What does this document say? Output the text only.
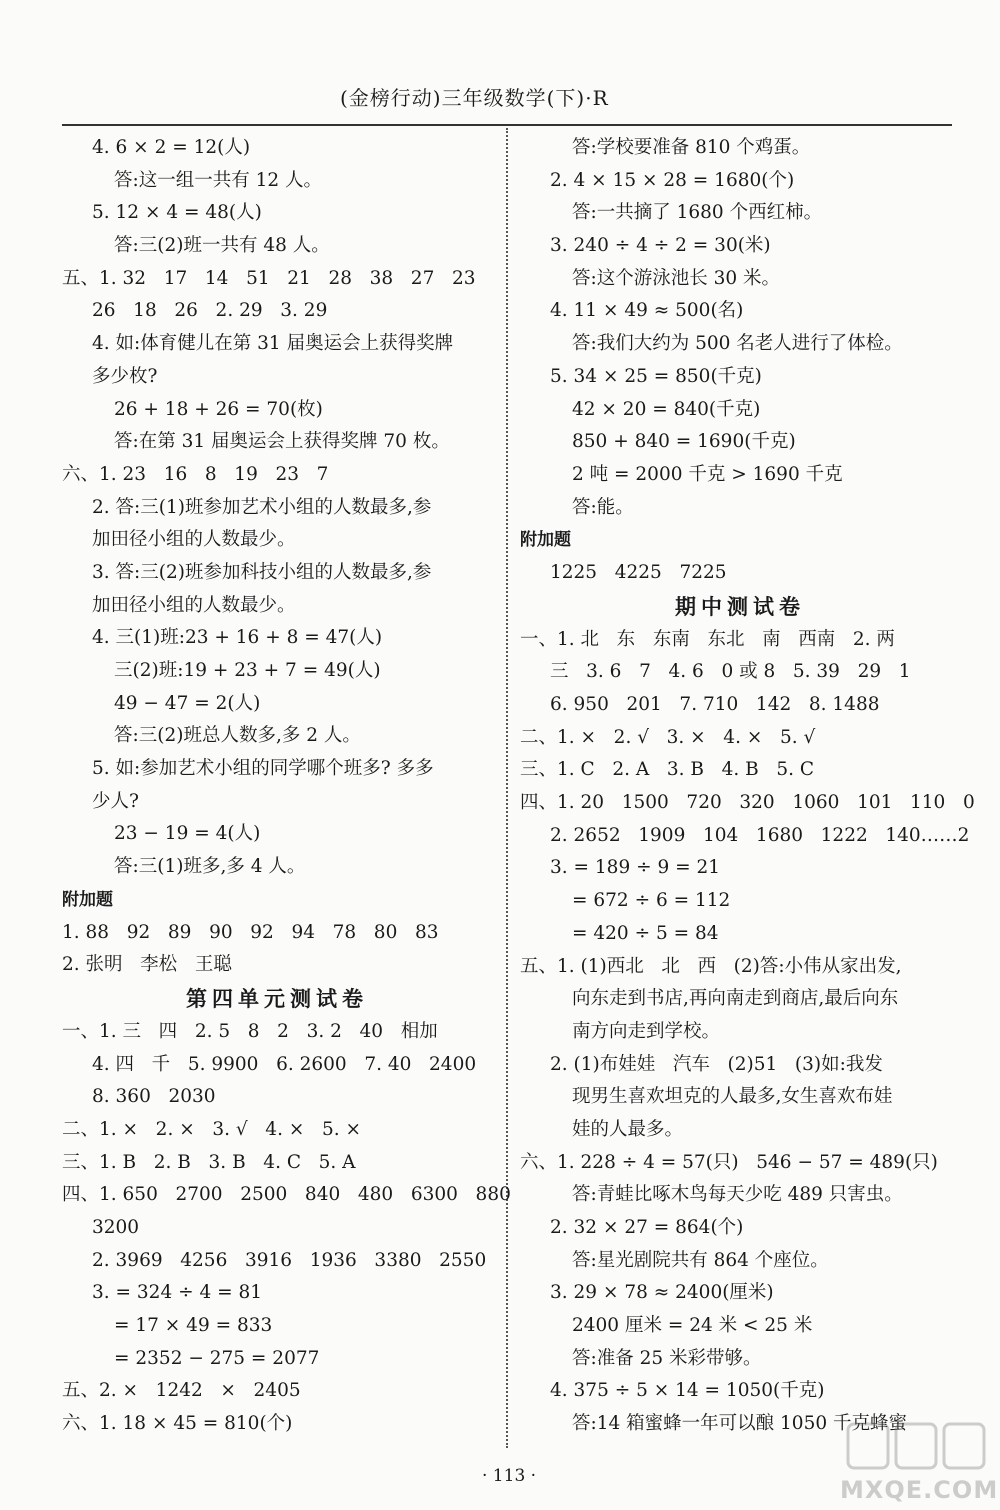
(金榜行动)三年级数学(下)·R
4. 6 × 2 = 12(人)
答:这一组一共有 12 人。
5. 12 × 4 = 48(人)
答:三(2)班一共有 48 人。
五、1. 32   17   14   51   21   28   38   27   23
26   18   26   2. 29   3. 29
4. 如:体育健儿在第 31 届奥运会上获得奖牌
多少枚?
26 + 18 + 26 = 70(枚)
答:在第 31 届奥运会上获得奖牌 70 枚。
六、1. 23   16   8   19   23   7
2. 答:三(1)班参加艺术小组的人数最多,参
加田径小组的人数最少。
3. 答:三(2)班参加科技小组的人数最多,参
加田径小组的人数最少。
4. 三(1)班:23 + 16 + 8 = 47(人)
三(2)班:19 + 23 + 7 = 49(人)
49 − 47 = 2(人)
答:三(2)班总人数多,多 2 人。
5. 如:参加艺术小组的同学哪个班多? 多多
少人?
23 − 19 = 4(人)
答:三(1)班多,多 4 人。
附加题
1. 88   92   89   90   92   94   78   80   83
2. 张明   李松   王聪
第四单元测试卷
一、1. 三   四   2. 5   8   2   3. 2   40   相加
4. 四   千   5. 9900   6. 2600   7. 40   2400
8. 360   2030
二、1. ×   2. ×   3. √   4. ×   5. ×
三、1. B   2. B   3. B   4. C   5. A
四、1. 650   2700   2500   840   480   6300   880
3200
2. 3969   4256   3916   1936   3380   2550
3. = 324 ÷ 4 = 81
= 17 × 49 = 833
= 2352 − 275 = 2077
五、2. ×   1242   ×   2405
六、1. 18 × 45 = 810(个)
答:学校要准备 810 个鸡蛋。
2. 4 × 15 × 28 = 1680(个)
答:一共摘了 1680 个西红柿。
3. 240 ÷ 4 ÷ 2 = 30(米)
答:这个游泳池长 30 米。
4. 11 × 49 ≈ 500(名)
答:我们大约为 500 名老人进行了体检。
5. 34 × 25 = 850(千克)
42 × 20 = 840(千克)
850 + 840 = 1690(千克)
2 吨 = 2000 千克 > 1690 千克
答:能。
附加题
1225   4225   7225
期中测试卷
一、1. 北   东   东南   东北   南   西南   2. 两
三   3. 6   7   4. 6   0 或 8   5. 39   29   1
6. 950   201   7. 710   142   8. 1488
二、1. ×   2. √   3. ×   4. ×   5. √
三、1. C   2. A   3. B   4. B   5. C
四、1. 20   1500   720   320   1060   101   110   0
2. 2652   1909   104   1680   1222   140……2
3. = 189 ÷ 9 = 21
= 672 ÷ 6 = 112
= 420 ÷ 5 = 84
五、1. (1)西北   北   西   (2)答:小伟从家出发,
向东走到书店,再向南走到商店,最后向东
南方向走到学校。
2. (1)布娃娃   汽车   (2)51   (3)如:我发
现男生喜欢坦克的人最多,女生喜欢布娃
娃的人最多。
六、1. 228 ÷ 4 = 57(只)   546 − 57 = 489(只)
答:青蛙比啄木鸟每天少吃 489 只害虫。
2. 32 × 27 = 864(个)
答:星光剧院共有 864 个座位。
3. 29 × 78 ≈ 2400(厘米)
2400 厘米 = 24 米 < 25 米
答:准备 25 米彩带够。
4. 375 ÷ 5 × 14 = 1050(千克)
答:14 箱蜜蜂一年可以酿 1050 千克蜂蜜
· 113 ·	MXQE.COM
